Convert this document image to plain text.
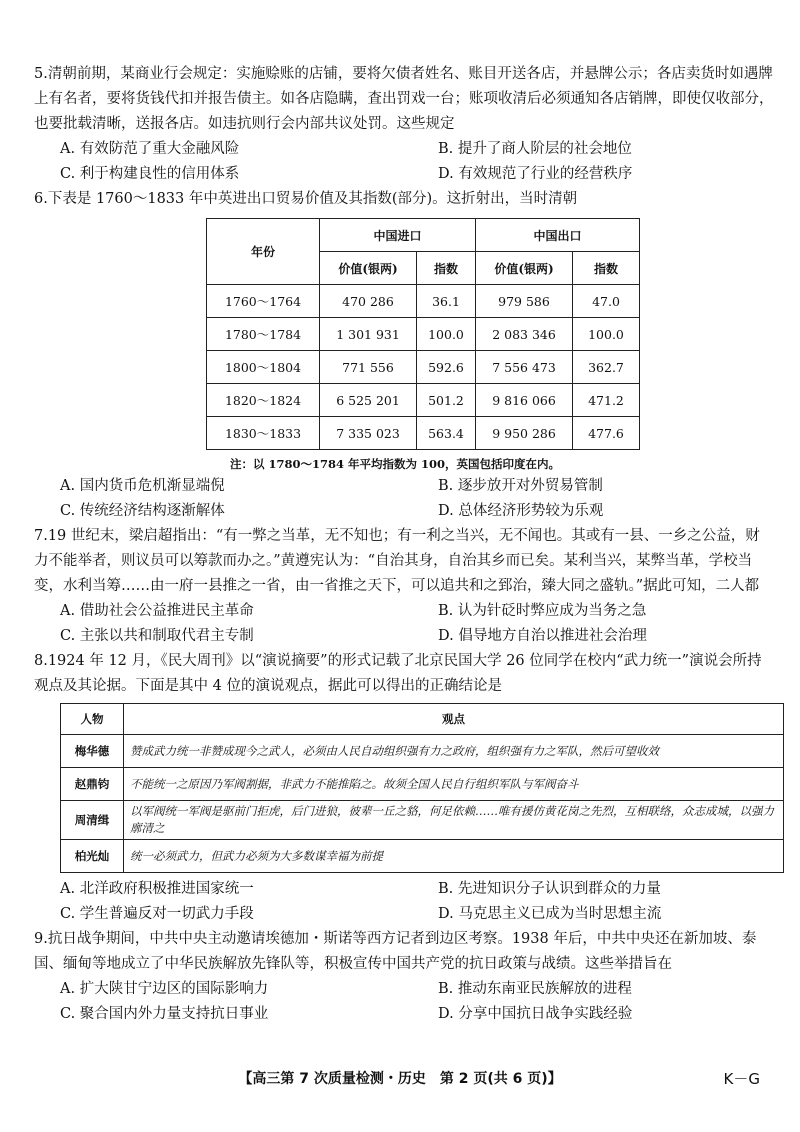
5.清朝前期，某商业行会规定：实施赊账的店铺，要将欠债者姓名、账目开送各店，并悬牌公示；各店卖货时如遇牌上有名者，要将货钱代扣并报告债主。如各店隐瞒，査出罚戏一台；账项收清后必须通知各店销牌，即使仅收部分，也要批载清晰，送报各店。如违抗则行会内部共议处罚。这些规定

A. 有效防范了重大金融风险	B. 提升了商人阶层的社会地位
C. 利于构建良性的信用体系	D. 有效规范了行业的经营秩序

6.下表是 1760～1833 年中英进出口贸易价值及其指数(部分)。这折射出，当时清朝

年份	中国进口		中国出口	
	价值(银两)	指数	价值(银两)	指数
1760～1764	470 286	36.1	979 586	47.0
1780～1784	1 301 931	100.0	2 083 346	100.0
1800～1804	771 556	592.6	7 556 473	362.7
1820～1824	6 525 201	501.2	9 816 066	471.2
1830～1833	7 335 023	563.4	9 950 286	477.6

注：以 1780～1784 年平均指数为 100，英国包括印度在内。

A. 国内货币危机渐显端倪	B. 逐步放开对外贸易管制
C. 传统经济结构逐渐解体	D. 总体经济形势较为乐观

7.19 世纪末，梁启超指出：“有一弊之当革，无不知也；有一利之当兴，无不闻也。其或有一县、一乡之公益，财力不能举者，则议员可以筹款而办之。”黄遵宪认为：“自治其身，自治其乡而已矣。某利当兴，某弊当革，学校当变，水利当筹……由一府一县推之一省，由一省推之天下，可以追共和之郅治，臻大同之盛轨。”据此可知，二人都

A. 借助社会公益推进民主革命	B. 认为针砭时弊应成为当务之急
C. 主张以共和制取代君主专制	D. 倡导地方自治以推进社会治理

8.1924 年 12 月，《民大周刊》以“演说摘要”的形式记载了北京民国大学 26 位同学在校内“武力统一”演说会所持观点及其论据。下面是其中 4 位的演说观点，据此可以得出的正确结论是

人物	观点
梅华德	赞成武力统一非赞成现今之武人，必须由人民自动组织强有力之政府，组织强有力之军队，然后可望收效
赵鼎钧	不能统一之原因乃军阀割据，非武力不能推陷之。故须全国人民自行组织军队与军阀奋斗
周清缉	以军阀统一军阀是驱前门拒虎，后门进狼，彼辈一丘之貉，何足依赖……唯有援仿黄花岗之先烈，互相联络，众志成城，以强力廓清之
柏光灿	统一必须武力，但武力必须为大多数谋幸福为前提
A. 北洋政府积极推进国家统一	B. 先进知识分子认识到群众的力量
C. 学生普遍反对一切武力手段	D. 马克思主义已成为当时思想主流

9.抗日战争期间，中共中央主动邀请埃德加・斯诺等西方记者到边区考察。1938 年后，中共中央还在新加坡、泰国、缅甸等地成立了中华民族解放先锋队等，积极宣传中国共产党的抗日政策与战绩。这些举措旨在

A. 扩大陕甘宁边区的国际影响力	B. 推动东南亚民族解放的进程
C. 聚合国内外力量支持抗日事业	D. 分享中国抗日战争实践经验
【高三第 7 次质量检测・历史　第 2 页(共 6 页)】	K－G
